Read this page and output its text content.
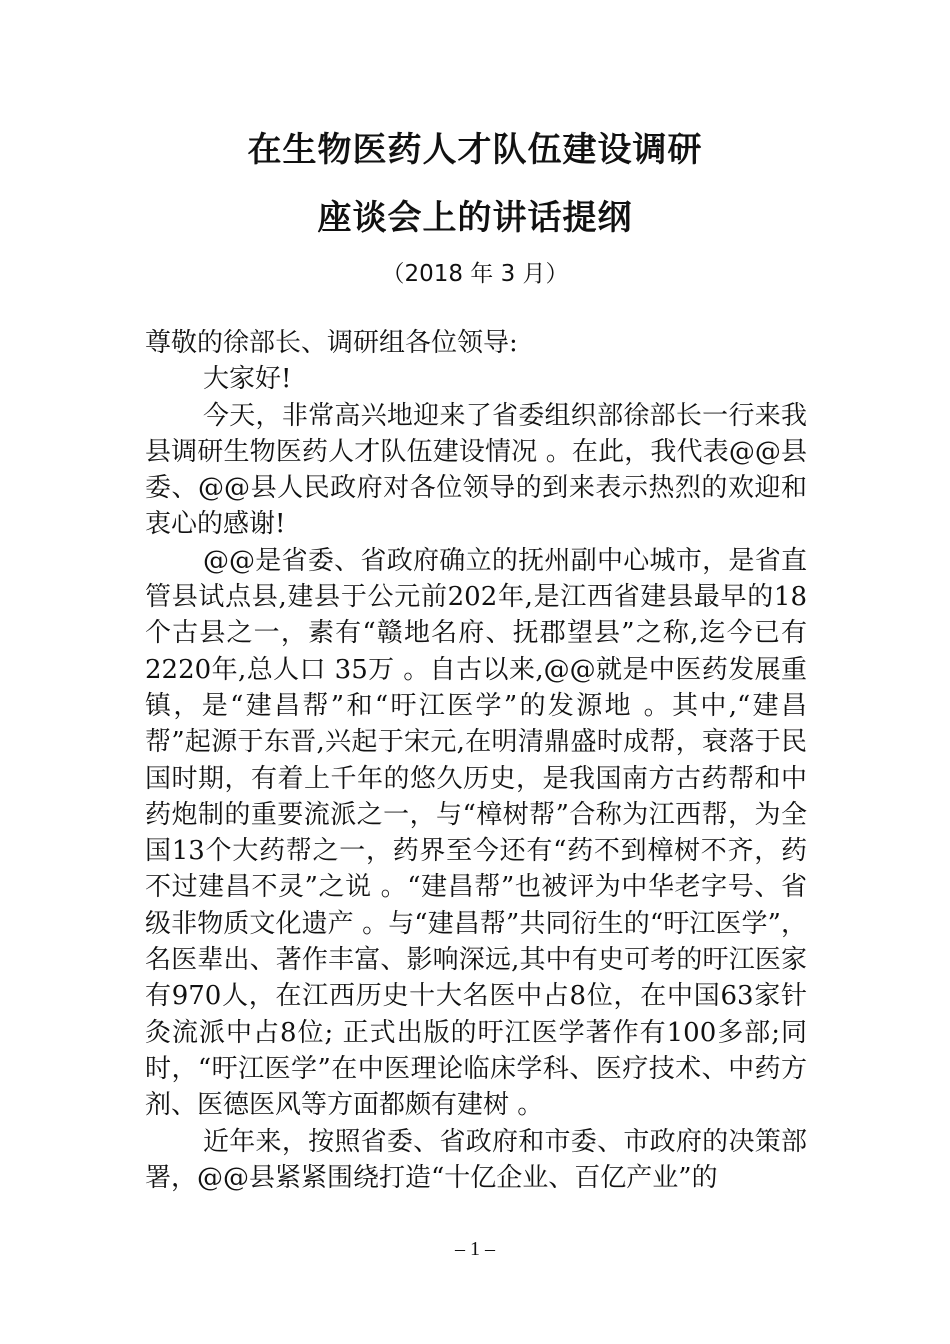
在生物医药人才队伍建设调研
座谈会上的讲话提纲
（2018 年 3 月）

尊敬的徐部长、调研组各位领导:

大家好!

今天，非常高兴地迎来了省委组织部徐部长一行来我县调研生物医药人才队伍建设情况 。在此，我代表@@县委、@@县人民政府对各位领导的到来表示热烈的欢迎和衷心的感谢!

@@是省委、省政府确立的抚州副中心城市，是省直管县试点县,建县于公元前202年,是江西省建县最早的18个古县之一，素有“赣地名府、抚郡望县”之称,迄今已有2220年,总人口 35万 。自古以来,@@就是中医药发展重镇，是“建昌帮”和“旴江医学”的发源地 。其中,“建昌帮”起源于东晋,兴起于宋元,在明清鼎盛时成帮，衰落于民国时期，有着上千年的悠久历史，是我国南方古药帮和中药炮制的重要流派之一，与“樟树帮”合称为江西帮，为全国13个大药帮之一，药界至今还有“药不到樟树不齐，药不过建昌不灵”之说 。“建昌帮”也被评为中华老字号、省级非物质文化遗产 。与“建昌帮”共同衍生的“旴江医学”，名医辈出、著作丰富、影响深远,其中有史可考的旴江医家有970人，在江西历史十大名医中占8位，在中国63家针灸流派中占8位; 正式出版的旴江医学著作有100多部;同时，“旴江医学”在中医理论临床学科、医疗技术、中药方剂、医德医风等方面都颇有建树 。

近年来，按照省委、省政府和市委、市政府的决策部署，@@县紧紧围绕打造“十亿企业、百亿产业”的

– 1 –
